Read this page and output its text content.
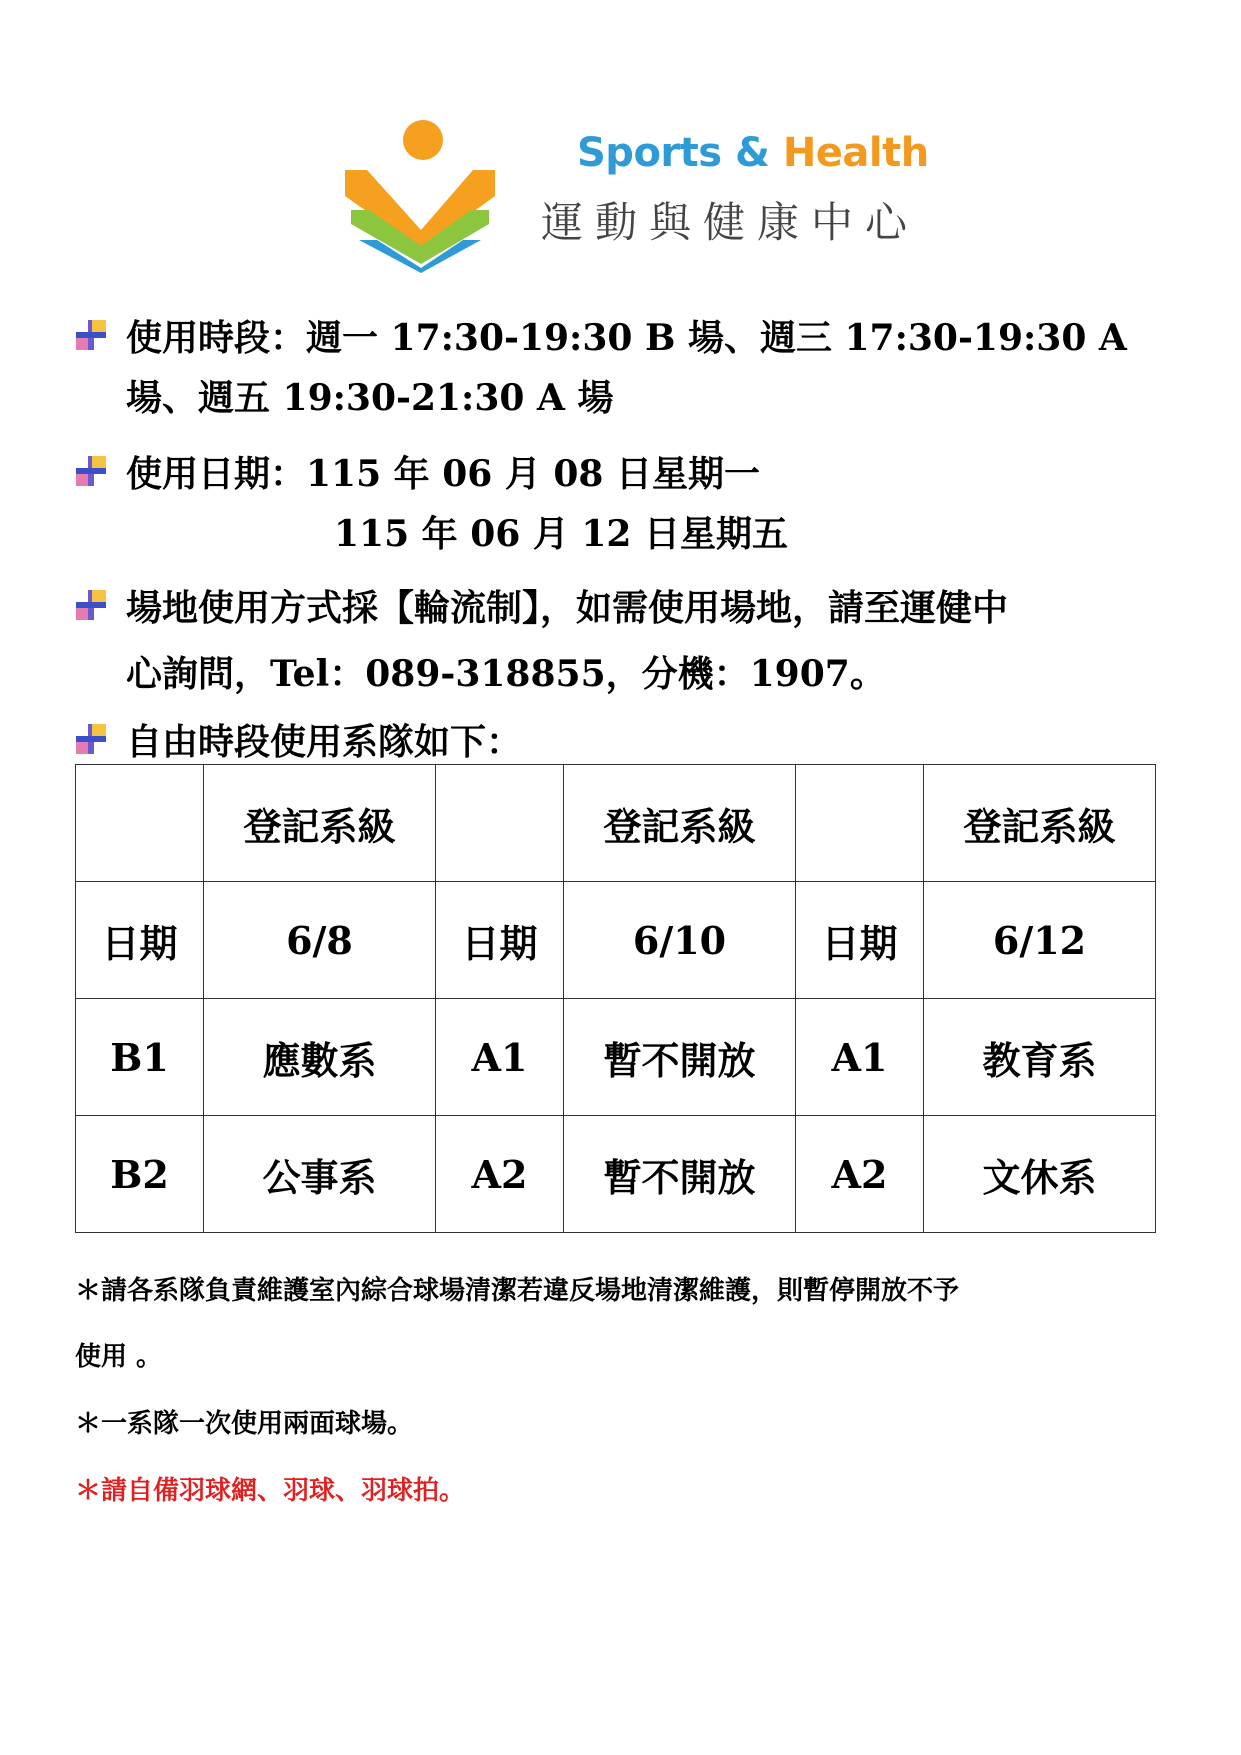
Sports & Health
運動與健康中心
使用時段：週一 17:30-19:30 B 場、週三 17:30-19:30 A
場、週五 19:30-21:30 A 場
使用日期：115 年 06 月 08 日星期一
115 年 06 月 12 日星期五
場地使用方式採【輪流制】，如需使用場地，請至運健中
心詢問，Tel：089-318855，分機：1907。
自由時段使用系隊如下：
	登記系級		登記系級		登記系級
日期	6/8	日期	6/10	日期	6/12
B1	應數系	A1	暫不開放	A1	教育系
B2	公事系	A2	暫不開放	A2	文休系
＊請各系隊負責維護室內綜合球場清潔若違反場地清潔維護，則暫停開放不予
使用 。
＊一系隊一次使用兩面球場。
＊請自備羽球網、羽球、羽球拍。
